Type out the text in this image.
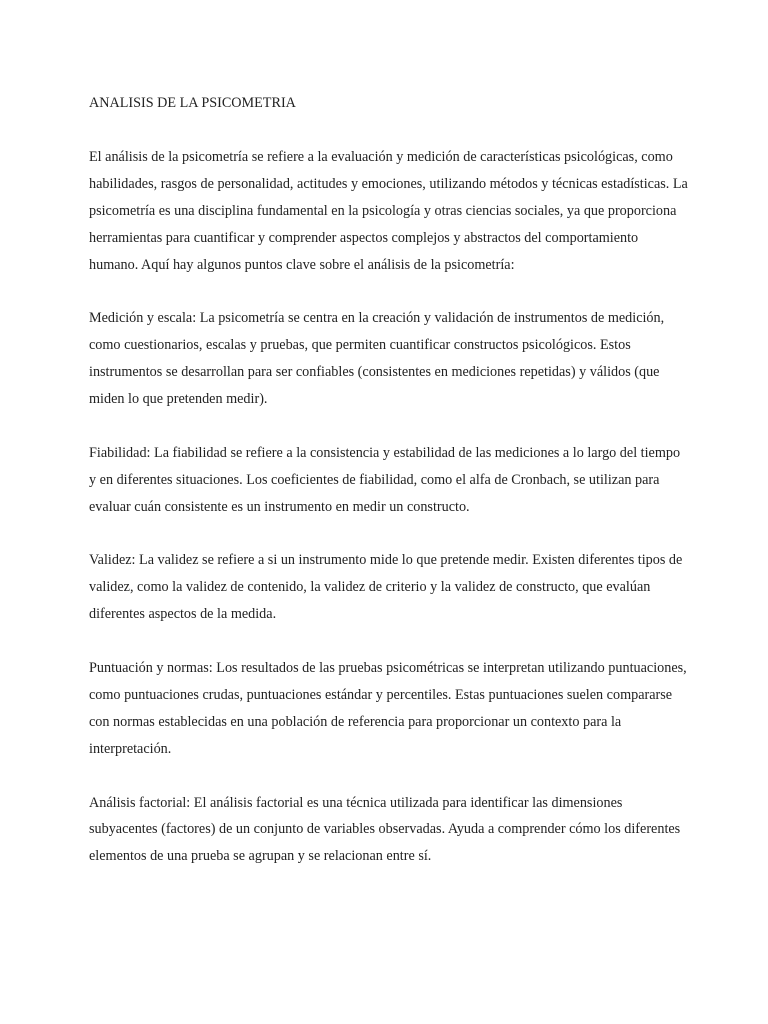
ANALISIS DE LA PSICOMETRIA

El análisis de la psicometría se refiere a la evaluación y medición de características psicológicas, como habilidades, rasgos de personalidad, actitudes y emociones, utilizando métodos y técnicas estadísticas. La psicometría es una disciplina fundamental en la psicología y otras ciencias sociales, ya que proporciona herramientas para cuantificar y comprender aspectos complejos y abstractos del comportamiento humano. Aquí hay algunos puntos clave sobre el análisis de la psicometría:

Medición y escala: La psicometría se centra en la creación y validación de instrumentos de medición, como cuestionarios, escalas y pruebas, que permiten cuantificar constructos psicológicos. Estos instrumentos se desarrollan para ser confiables (consistentes en mediciones repetidas) y válidos (que miden lo que pretenden medir).

Fiabilidad: La fiabilidad se refiere a la consistencia y estabilidad de las mediciones a lo largo del tiempo y en diferentes situaciones. Los coeficientes de fiabilidad, como el alfa de Cronbach, se utilizan para evaluar cuán consistente es un instrumento en medir un constructo.

Validez: La validez se refiere a si un instrumento mide lo que pretende medir. Existen diferentes tipos de validez, como la validez de contenido, la validez de criterio y la validez de constructo, que evalúan diferentes aspectos de la medida.

Puntuación y normas: Los resultados de las pruebas psicométricas se interpretan utilizando puntuaciones, como puntuaciones crudas, puntuaciones estándar y percentiles. Estas puntuaciones suelen compararse con normas establecidas en una población de referencia para proporcionar un contexto para la interpretación.

Análisis factorial: El análisis factorial es una técnica utilizada para identificar las dimensiones subyacentes (factores) de un conjunto de variables observadas. Ayuda a comprender cómo los diferentes elementos de una prueba se agrupan y se relacionan entre sí.
